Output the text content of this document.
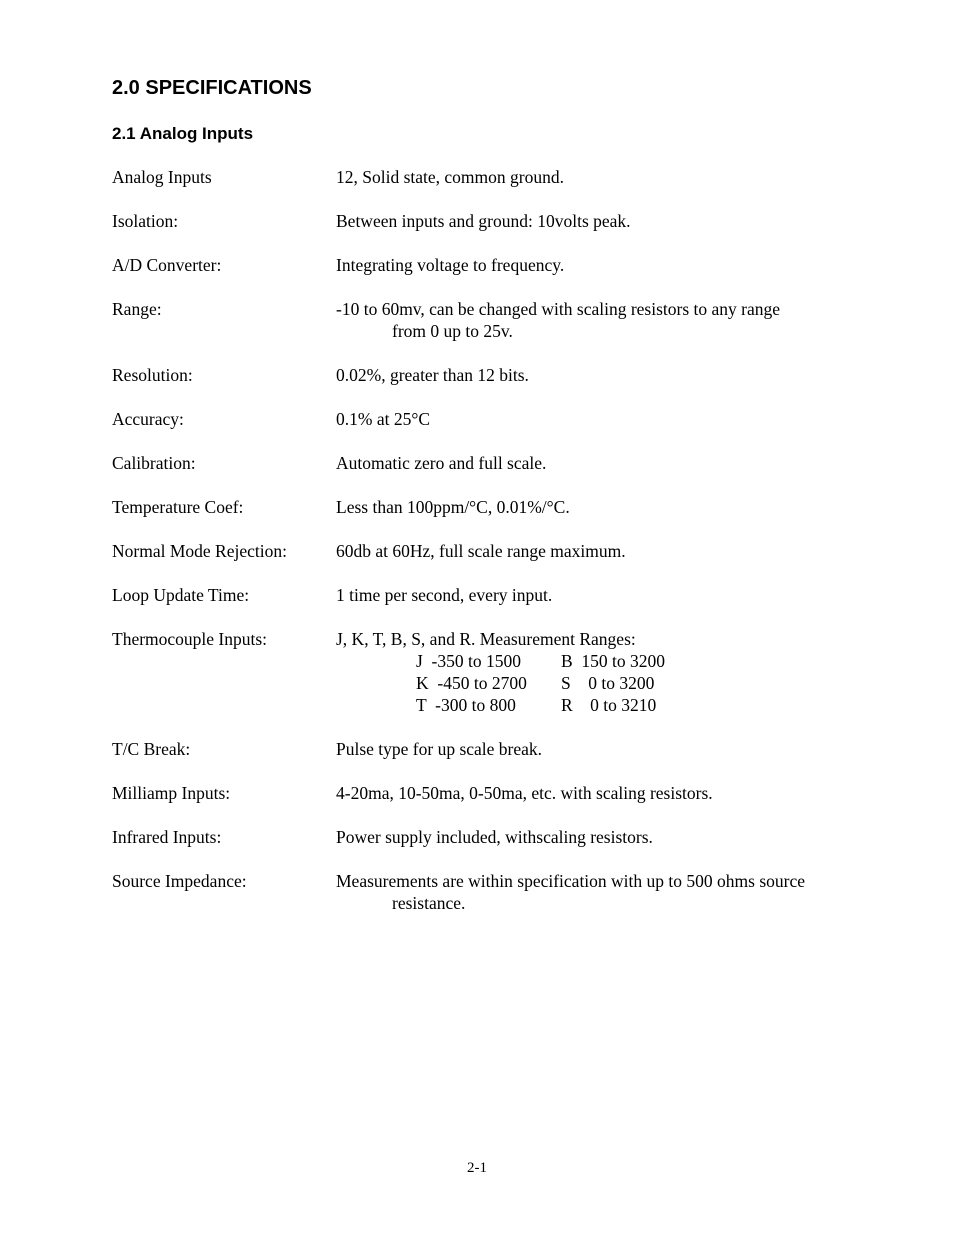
2.0 SPECIFICATIONS
2.1 Analog Inputs
Analog Inputs	12, Solid state, common ground.
Isolation:	Between inputs and ground: 10volts peak.
A/D Converter:	Integrating voltage to frequency.
Range:	-10 to 60mv, can be changed with scaling resistors to any range
from 0 up to 25v.
Resolution:	0.02%, greater than 12 bits.
Accuracy:	0.1% at 25°C
Calibration:	Automatic zero and full scale.
Temperature Coef:	Less than 100ppm/°C, 0.01%/°C.
Normal Mode Rejection:	60db at 60Hz, full scale range maximum.
Loop Update Time:	1 time per second, every input.
Thermocouple Inputs:	J, K, T, B, S, and R. Measurement Ranges:
J  -350 to 1500 B  150 to 3200
K  -450 to 2700 S    0 to 3200
T  -300 to 800	R    0 to 3210
T/C Break:	Pulse type for up scale break.
Milliamp Inputs:	4-20ma, 10-50ma, 0-50ma, etc. with scaling resistors.
Infrared Inputs:	Power supply included, withscaling resistors.
Source Impedance:	Measurements are within specification with up to 500 ohms source
resistance.
2-1
